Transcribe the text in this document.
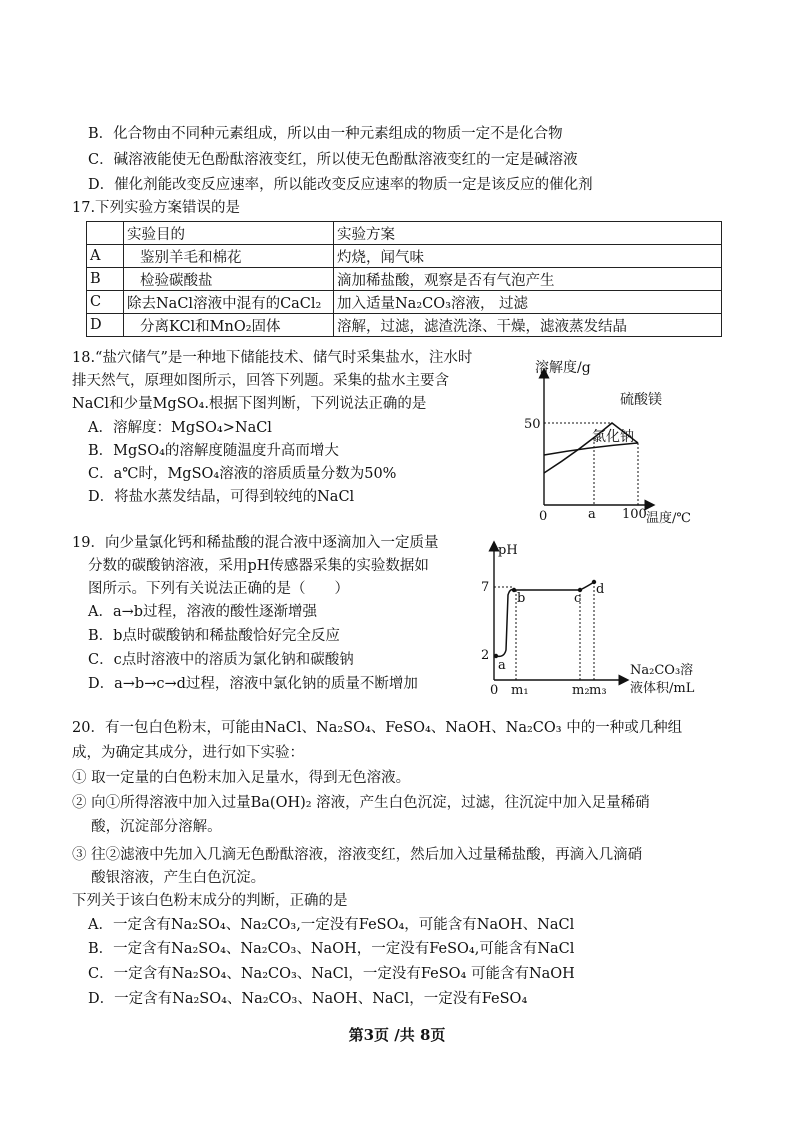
B．化合物由不同种元素组成，所以由一种元素组成的物质一定不是化合物
C．碱溶液能使无色酚酞溶液变红，所以使无色酚酞溶液变红的一定是碱溶液
D．催化剂能改变反应速率，所以能改变反应速率的物质一定是该反应的催化剂
17.下列实验方案错误的是
	实验目的	实验方案
A	鉴别羊毛和棉花	灼烧，闻气味
B	检验碳酸盐	滴加稀盐酸，观察是否有气泡产生
C	除去NaCl溶液中混有的CaCl₂	加入适量Na₂CO₃溶液， 过滤
D	分离KCl和MnO₂固体	溶解，过滤，滤渣洗涤、干燥，滤液蒸发结晶
18.“盐穴储气”是一种地下储能技术、储气时采集盐水，注水时
排天然气，原理如图所示，回答下列题。采集的盐水主要含
NaCl和少量MgSO₄.根据下图判断，下列说法正确的是
A．溶解度：MgSO₄>NaCl
B．MgSO₄的溶解度随温度升高而增大
C．a℃时，MgSO₄溶液的溶质质量分数为50%
D．将盐水蒸发结晶，可得到较纯的NaCl
溶解度/g
温度/℃
50
0	a 100
硫酸镁
氯化钠
19．向少量氯化钙和稀盐酸的混合液中逐滴加入一定质量
分数的碳酸钠溶液，采用pH传感器采集的实验数据如
图所示。下列有关说法正确的是（　　）
A．a→b过程，溶液的酸性逐渐增强
B．b点时碳酸钠和稀盐酸恰好完全反应
C．c点时溶液中的溶质为氯化钠和碳酸钠
D．a→b→c→d过程，溶液中氯化钠的质量不断增加
pH
7
2
0 m₁	m₂ m₃
a
b	c
d
Na₂CO₃溶
液体积/mL
20．有一包白色粉末，可能由NaCl、Na₂SO₄、FeSO₄、NaOH、Na₂CO₃ 中的一种或几种组
成，为确定其成分，进行如下实验：
① 取一定量的白色粉末加入足量水，得到无色溶液。
② 向①所得溶液中加入过量Ba(OH)₂ 溶液，产生白色沉淀，过滤，往沉淀中加入足量稀硝
　 酸，沉淀部分溶解。
③ 往②滤液中先加入几滴无色酚酞溶液，溶液变红，然后加入过量稀盐酸，再滴入几滴硝
　 酸银溶液，产生白色沉淀。
下列关于该白色粉末成分的判断，正确的是
A．一定含有Na₂SO₄、Na₂CO₃,一定没有FeSO₄，可能含有NaOH、NaCl
B．一定含有Na₂SO₄、Na₂CO₃、NaOH，一定没有FeSO₄,可能含有NaCl
C．一定含有Na₂SO₄、Na₂CO₃、NaCl，一定没有FeSO₄ 可能含有NaOH
D．一定含有Na₂SO₄、Na₂CO₃、NaOH、NaCl，一定没有FeSO₄
第3页 /共 8页
